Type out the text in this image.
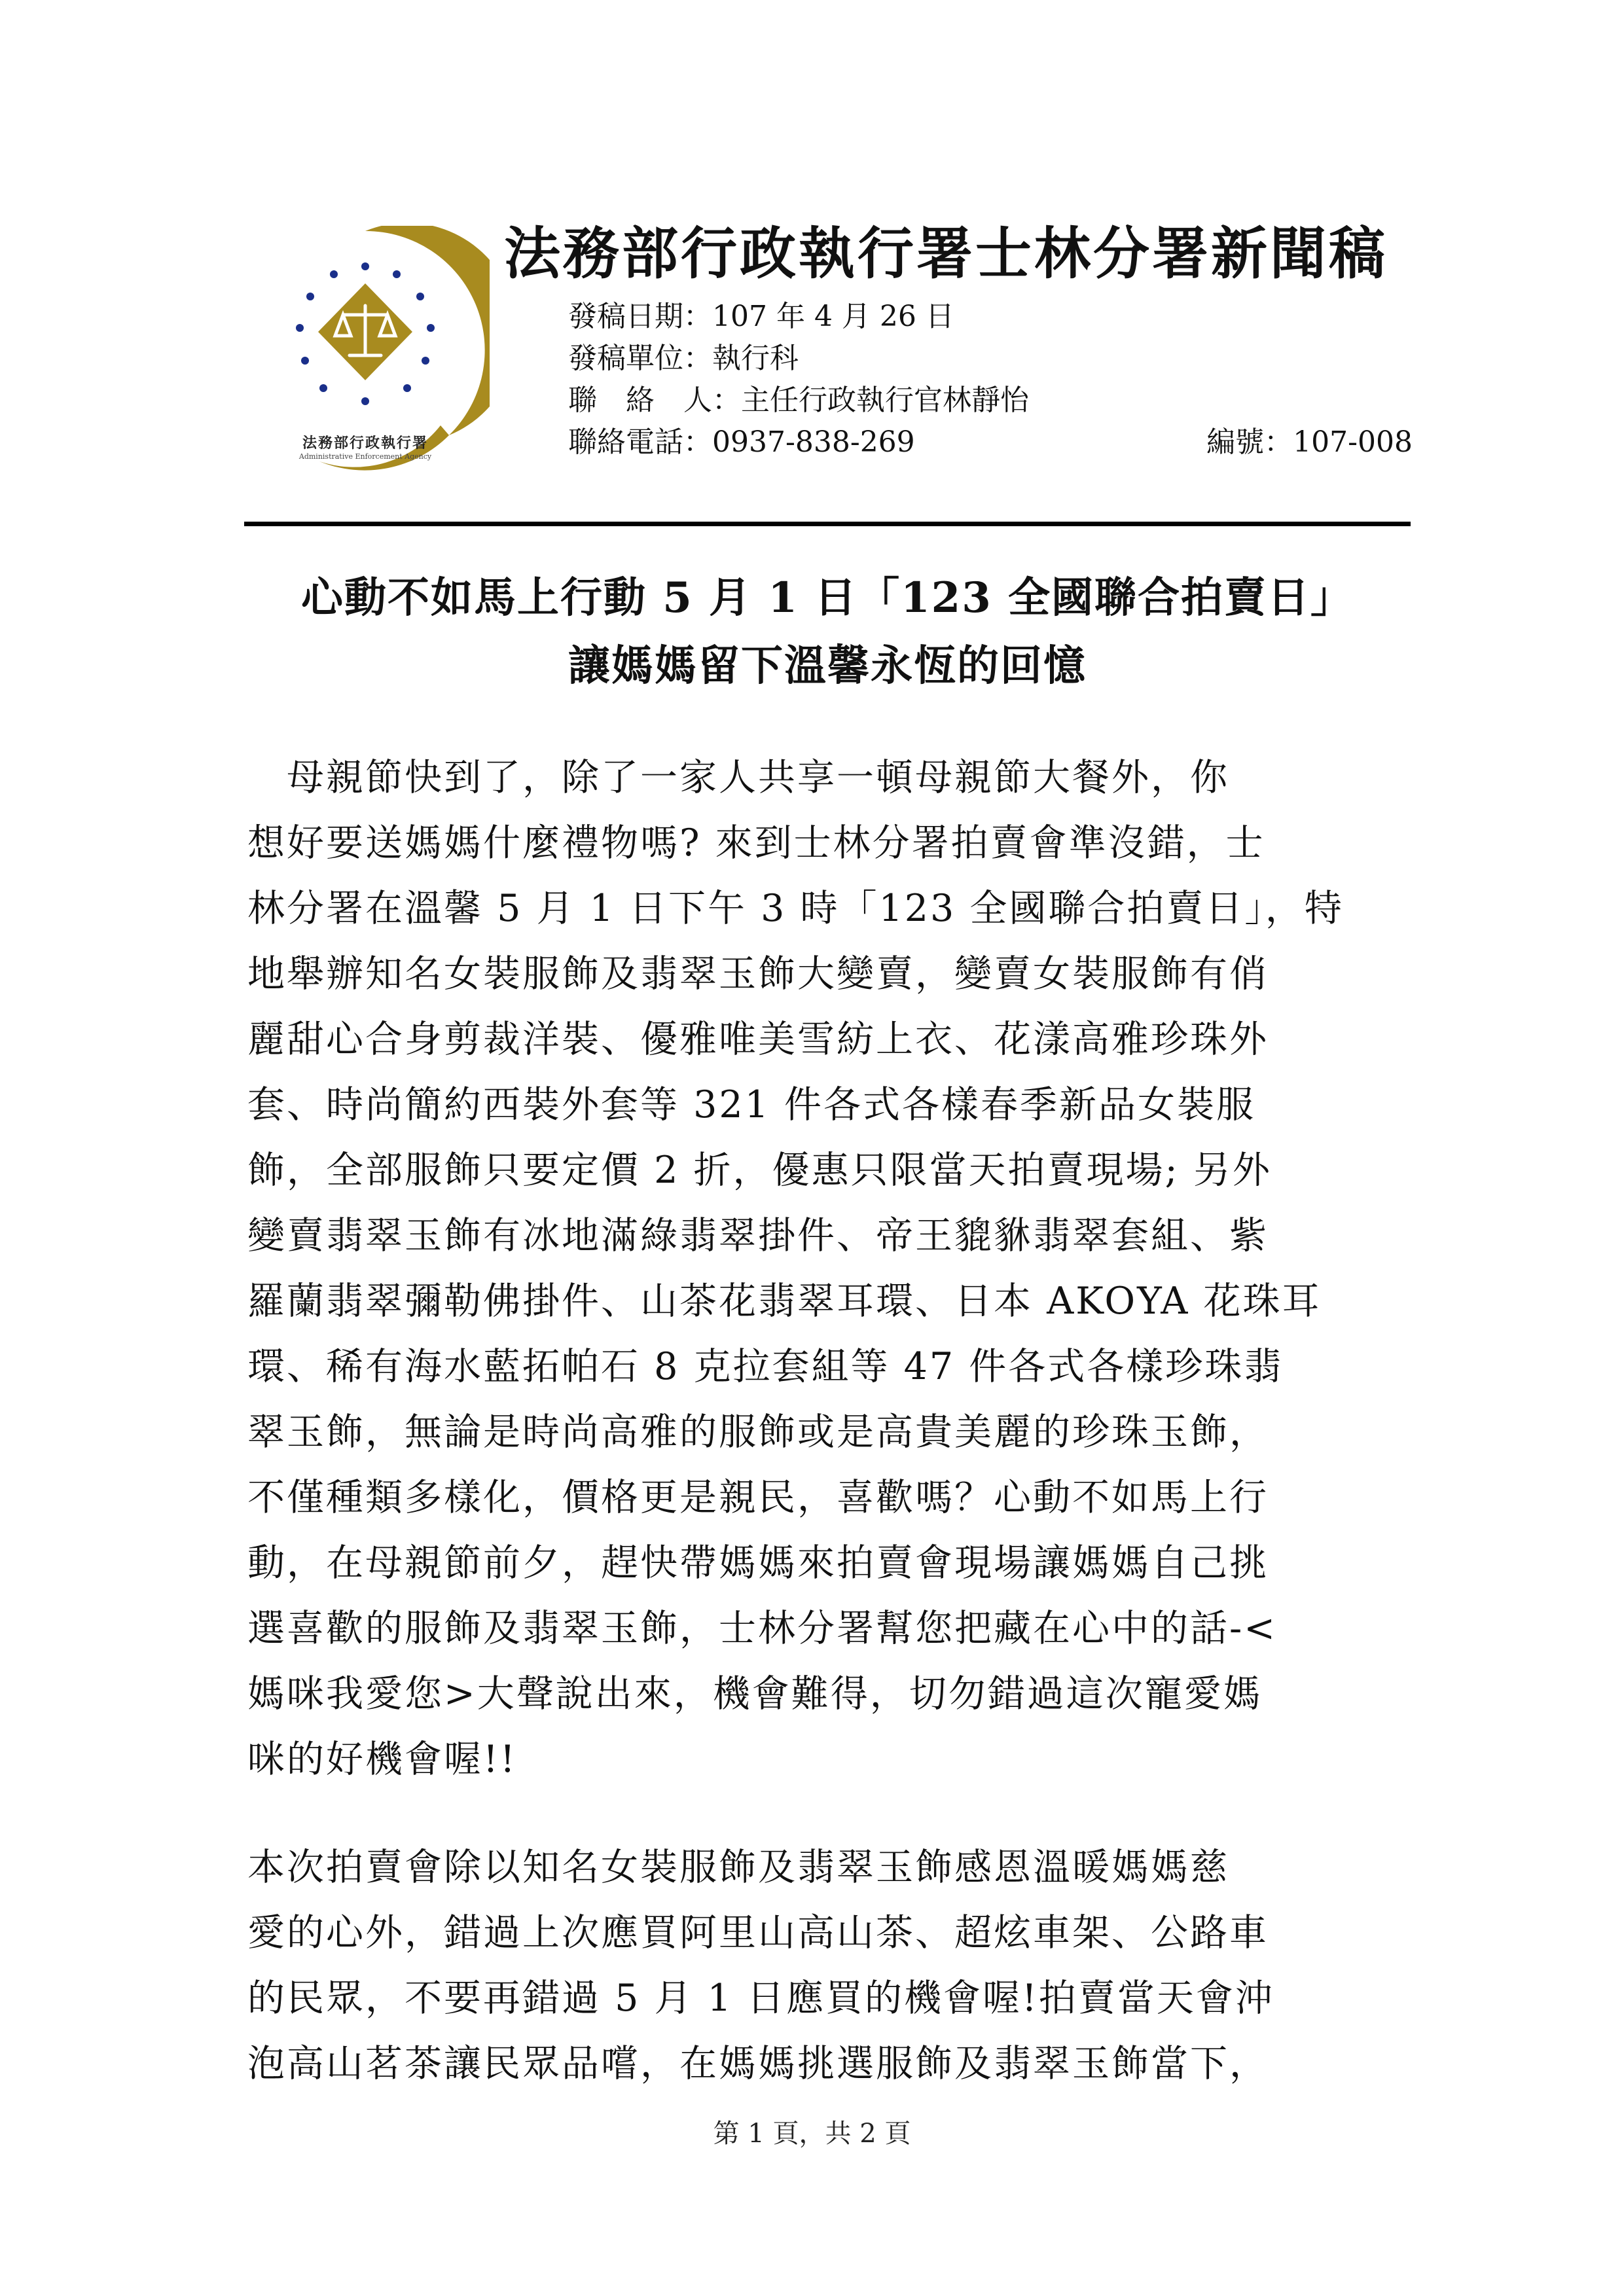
法務部行政執行署
Administrative Enforcement Agency
法務部行政執行署士林分署新聞稿
發稿日期：107 年 4 月 26 日
發稿單位：執行科
聯　絡　人：主任行政執行官林靜怡
聯絡電話：0937-838-269	編號：107-008
心動不如馬上行動 5 月 1 日「123 全國聯合拍賣日」
讓媽媽留下溫馨永恆的回憶
　母親節快到了，除了一家人共享一頓母親節大餐外，你
想好要送媽媽什麼禮物嗎? 來到士林分署拍賣會準沒錯，士
林分署在溫馨 5 月 1 日下午 3 時「123 全國聯合拍賣日」，特
地舉辦知名女裝服飾及翡翠玉飾大變賣，變賣女裝服飾有俏
麗甜心合身剪裁洋裝、優雅唯美雪紡上衣、花漾高雅珍珠外
套、時尚簡約西裝外套等 321 件各式各樣春季新品女裝服
飾，全部服飾只要定價 2 折，優惠只限當天拍賣現場; 另外
變賣翡翠玉飾有冰地滿綠翡翠掛件、帝王貔貅翡翠套組、紫
羅蘭翡翠彌勒佛掛件、山茶花翡翠耳環、日本 AKOYA 花珠耳
環、稀有海水藍拓帕石 8 克拉套組等 47 件各式各樣珍珠翡
翠玉飾，無論是時尚高雅的服飾或是高貴美麗的珍珠玉飾，
不僅種類多樣化，價格更是親民，喜歡嗎？心動不如馬上行
動，在母親節前夕，趕快帶媽媽來拍賣會現場讓媽媽自己挑
選喜歡的服飾及翡翠玉飾，士林分署幫您把藏在心中的話-<
媽咪我愛您>大聲說出來，機會難得，切勿錯過這次寵愛媽
咪的好機會喔!!
本次拍賣會除以知名女裝服飾及翡翠玉飾感恩溫暖媽媽慈
愛的心外，錯過上次應買阿里山高山茶、超炫車架、公路車
的民眾，不要再錯過 5 月 1 日應買的機會喔!拍賣當天會沖
泡高山茗茶讓民眾品嚐，在媽媽挑選服飾及翡翠玉飾當下，
第 1 頁，共 2 頁
